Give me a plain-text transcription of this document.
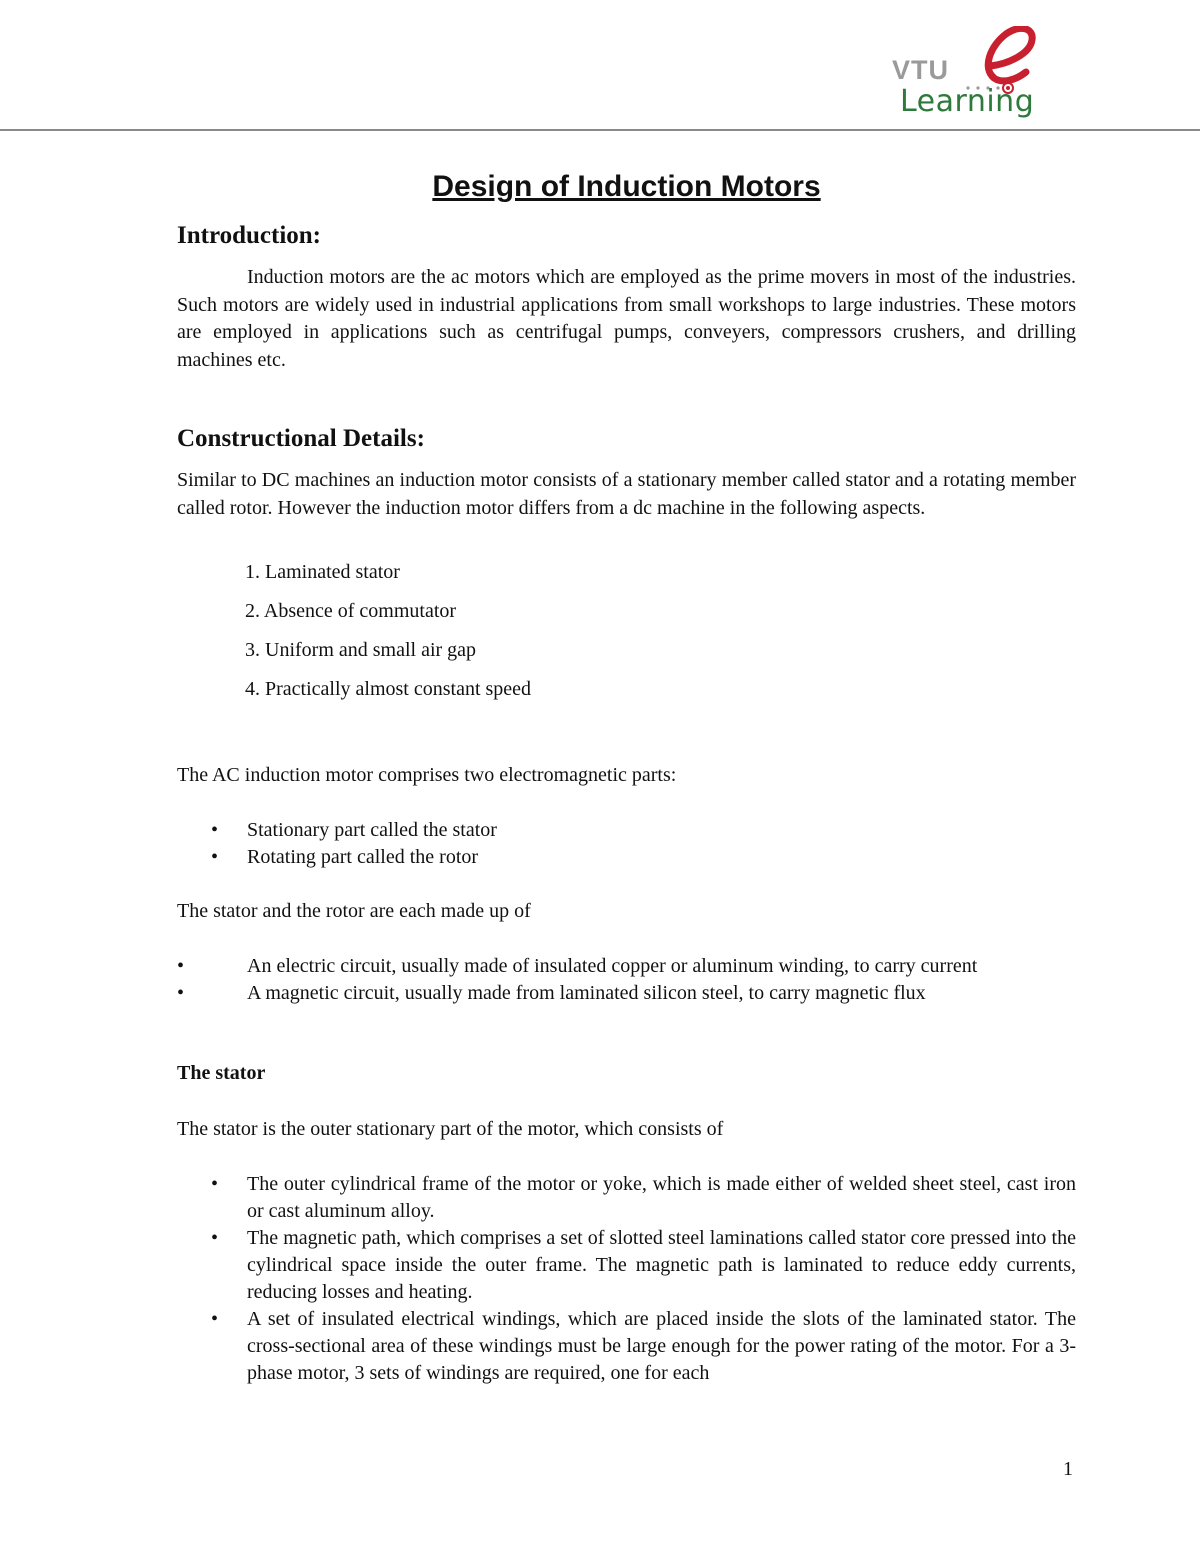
VTU
Learning
Design of Induction Motors
Introduction:

Induction motors are the ac motors which are employed as the prime movers in most of the industries. Such motors are widely used in industrial applications from small workshops to large industries. These motors are employed in applications such as centrifugal pumps, conveyers, compressors crushers, and drilling machines etc.

Constructional Details:

Similar to DC machines an induction motor consists of a stationary member called stator and a rotating member called rotor. However the induction motor differs from a dc machine in the following aspects.

1. Laminated stator

2. Absence of commutator

3. Uniform and small air gap

4. Practically almost constant speed

The AC induction motor comprises two electromagnetic parts:

• Stationary part called the stator
• Rotating part called the rotor

The stator and the rotor are each made up of

•	An electric circuit, usually made of insulated copper or aluminum winding, to carry current
•	A magnetic circuit, usually made from laminated silicon steel, to carry magnetic flux
The stator

The stator is the outer stationary part of the motor, which consists of

• The outer cylindrical frame of the motor or yoke, which is made either of welded sheet steel, cast iron or cast aluminum alloy.
• The magnetic path, which comprises a set of slotted steel laminations called stator core pressed into the cylindrical space inside the outer frame. The magnetic path is laminated to reduce eddy currents, reducing losses and heating.
• A set of insulated electrical windings, which are placed inside the slots of the laminated stator. The cross-sectional area of these windings must be large enough for the power rating of the motor. For a 3-phase motor, 3 sets of windings are required, one for each
1
